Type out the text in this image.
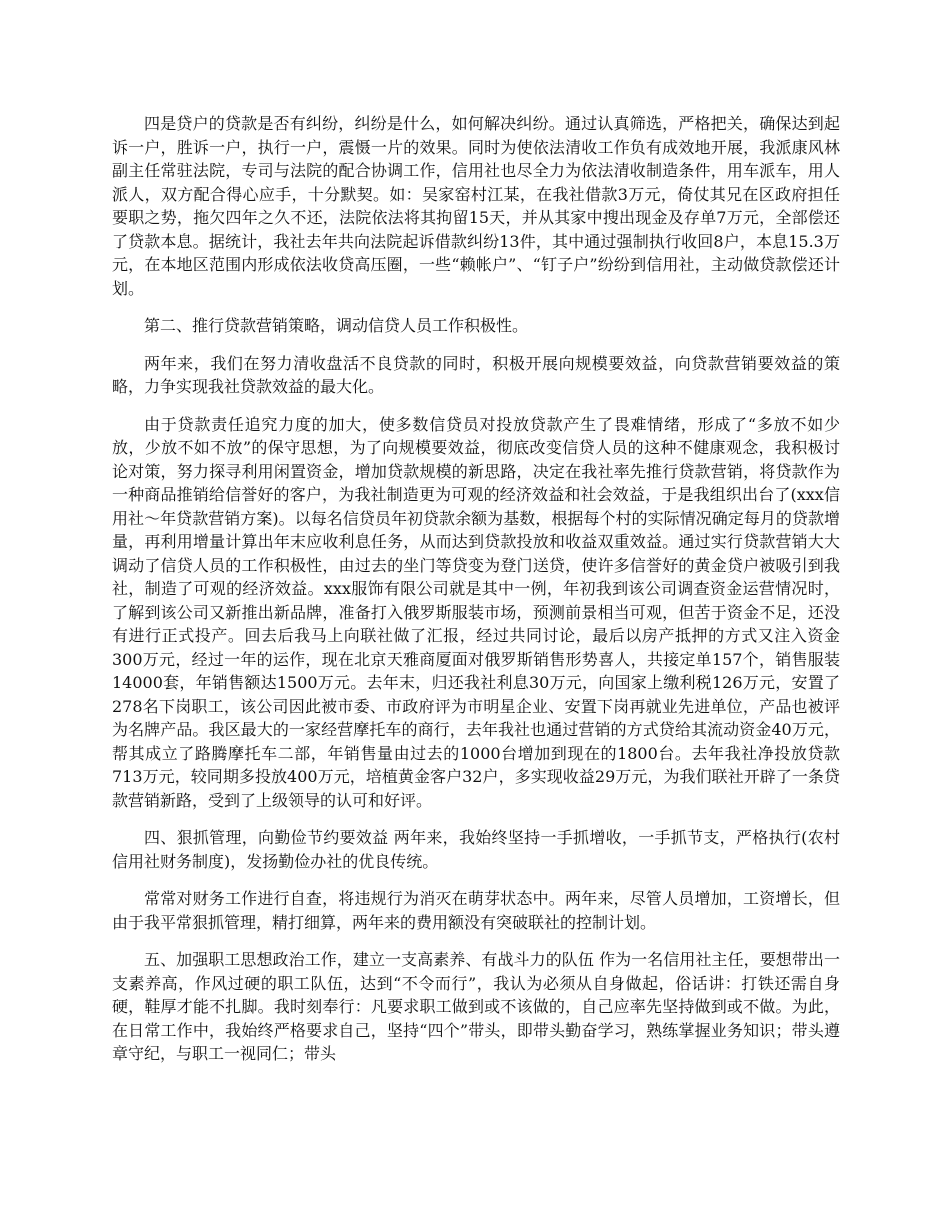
四是贷户的贷款是否有纠纷，纠纷是什么，如何解决纠纷。通过认真筛选，严格把关，确保达到起诉一户，胜诉一户，执行一户，震慑一片的效果。同时为使依法清收工作负有成效地开展，我派康风林副主任常驻法院，专司与法院的配合协调工作，信用社也尽全力为依法清收制造条件，用车派车，用人派人，双方配合得心应手，十分默契。如：吴家窑村江某，在我社借款3万元，倚仗其兄在区政府担任要职之势，拖欠四年之久不还，法院依法将其拘留15天，并从其家中搜出现金及存单7万元，全部偿还了贷款本息。据统计，我社去年共向法院起诉借款纠纷13件，其中通过强制执行收回8户，本息15.3万元，在本地区范围内形成依法收贷高压圈，一些“赖帐户”、“钉子户”纷纷到信用社，主动做贷款偿还计划。

第二、推行贷款营销策略，调动信贷人员工作积极性。

两年来，我们在努力清收盘活不良贷款的同时，积极开展向规模要效益，向贷款营销要效益的策略，力争实现我社贷款效益的最大化。

由于贷款责任追究力度的加大，使多数信贷员对投放贷款产生了畏难情绪，形成了“多放不如少放，少放不如不放”的保守思想，为了向规模要效益，彻底改变信贷人员的这种不健康观念，我积极讨论对策，努力探寻利用闲置资金，增加贷款规模的新思路，决定在我社率先推行贷款营销，将贷款作为一种商品推销给信誉好的客户，为我社制造更为可观的经济效益和社会效益，于是我组织出台了(xxx信用社～年贷款营销方案)。以每名信贷员年初贷款余额为基数，根据每个村的实际情况确定每月的贷款增量，再利用增量计算出年末应收利息任务，从而达到贷款投放和收益双重效益。通过实行贷款营销大大调动了信贷人员的工作积极性，由过去的坐门等贷变为登门送贷，使许多信誉好的黄金贷户被吸引到我社，制造了可观的经济效益。xxx服饰有限公司就是其中一例，年初我到该公司调查资金运营情况时，了解到该公司又新推出新品牌，准备打入俄罗斯服装市场，预测前景相当可观，但苦于资金不足，还没有进行正式投产。回去后我马上向联社做了汇报，经过共同讨论，最后以房产抵押的方式又注入资金300万元，经过一年的运作，现在北京天雅商厦面对俄罗斯销售形势喜人，共接定单157个，销售服装14000套，年销售额达1500万元。去年末，归还我社利息30万元，向国家上缴利税126万元，安置了278名下岗职工，该公司因此被市委、市政府评为市明星企业、安置下岗再就业先进单位，产品也被评为名牌产品。我区最大的一家经营摩托车的商行，去年我社也通过营销的方式贷给其流动资金40万元，帮其成立了路腾摩托车二部，年销售量由过去的1000台增加到现在的1800台。去年我社净投放贷款713万元，较同期多投放400万元，培植黄金客户32户，多实现收益29万元，为我们联社开辟了一条贷款营销新路，受到了上级领导的认可和好评。

四、狠抓管理，向勤俭节约要效益 两年来，我始终坚持一手抓增收，一手抓节支，严格执行(农村信用社财务制度)，发扬勤俭办社的优良传统。

常常对财务工作进行自查，将违规行为消灭在萌芽状态中。两年来，尽管人员增加，工资增长，但由于我平常狠抓管理，精打细算，两年来的费用额没有突破联社的控制计划。

五、加强职工思想政治工作，建立一支高素养、有战斗力的队伍 作为一名信用社主任，要想带出一支素养高，作风过硬的职工队伍，达到“不令而行”，我认为必须从自身做起，俗话讲：打铁还需自身硬，鞋厚才能不扎脚。我时刻奉行：凡要求职工做到或不该做的，自己应率先坚持做到或不做。为此，在日常工作中，我始终严格要求自己，坚持“四个”带头，即带头勤奋学习，熟练掌握业务知识；带头遵章守纪，与职工一视同仁；带头
